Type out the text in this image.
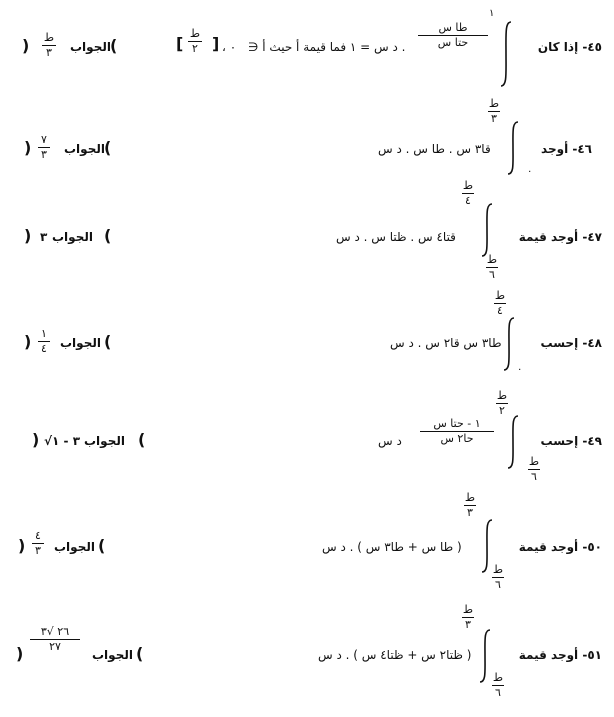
٤٥- إذا كان
١
طا س
حتا س
. د س = ١ فما قيمة أ حيث أ ∈
] ، ٠
ط
٢
[
(
الجواب
ط
٣
)
٤٦- أوجد
ط
٣
٠
قا٣ س . طا س . د س
(
الجواب
٧
٣
)
٤٧- أوجد قيمة
ط
٤
ط
٦
قتا٤ س . ظتا س . د س
(
الجواب
٣
)
٤٨- إحسب
ط
٤
٠
طا٣ س قا٢ س . د س
(
الجواب
١
٤
)
٤٩- إحسب
ط
٢
ط
٦
١ - حتا س
حا٢ س
د س
(
الجواب
√٣ - ١
)
٥٠- أوجد قيمة
ط
٣
ط
٦
( طا س + طا٣ س ) . د س
(
الجواب
٤
٣
)
٥١- أوجد قيمة
ط
٣
ط
٦
( ظتا٢ س + ظتا٤ س ) . د س
(
الجواب
٢٦ √٣
٢٧
)
